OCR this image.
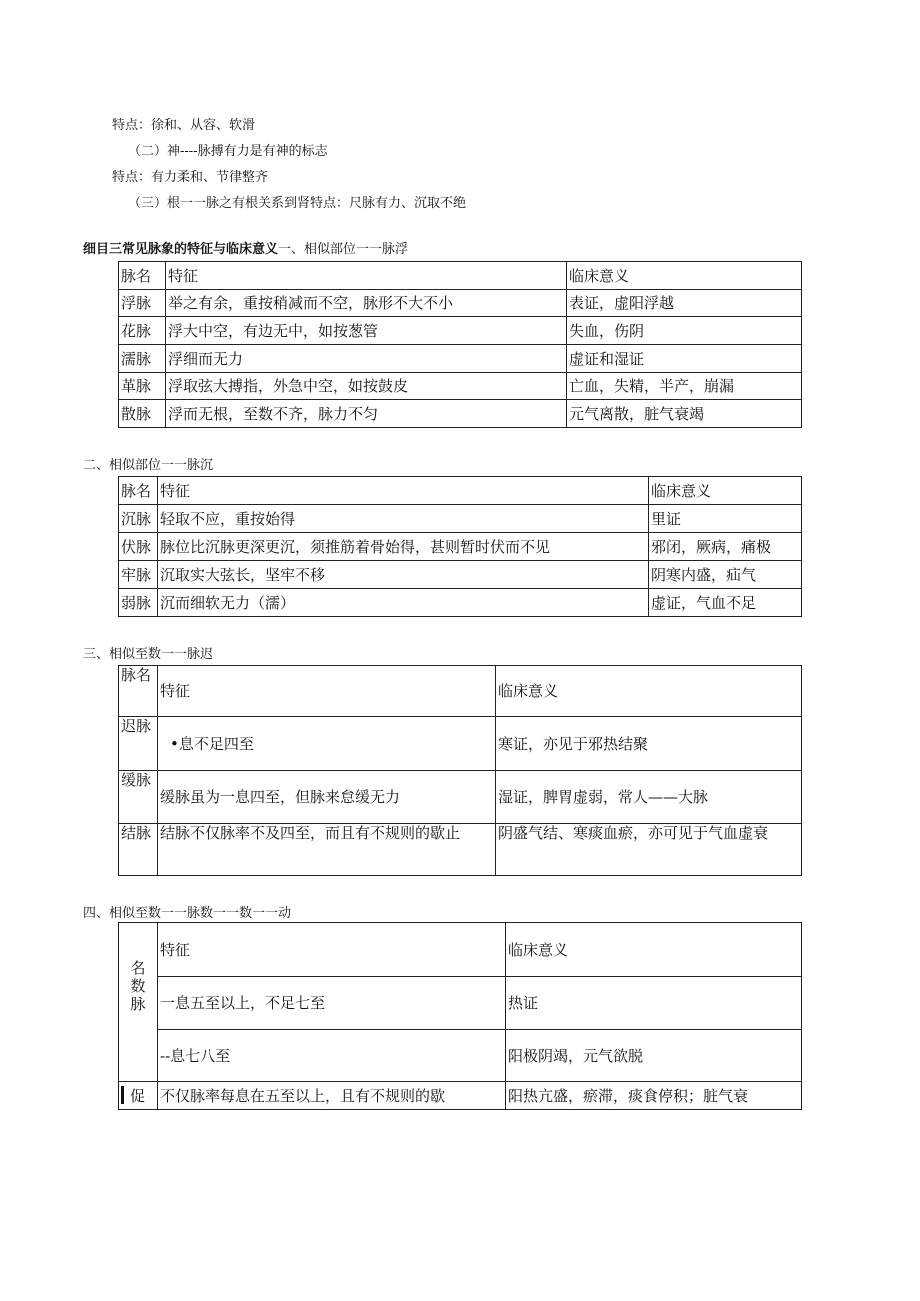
特点：徐和、从容、软滑
（二）神----脉搏有力是有神的标志
特点：有力柔和、节律整齐
（三）根一一脉之有根关系到肾特点：尺脉有力、沉取不绝
细目三常见脉象的特征与临床意义一、相似部位一一脉浮
脉名	特征	临床意义
浮脉	举之有余，重按稍减而不空，脉形不大不小	表证，虚阳浮越
花脉	浮大中空，有边无中，如按葱管	失血，伤阴
濡脉	浮细而无力	虚证和湿证
革脉	浮取弦大搏指，外急中空，如按鼓皮	亡血，失精，半产，崩漏
散脉	浮而无根，至数不齐，脉力不匀	元气离散，脏气衰竭
二、相似部位一一脉沉
脉名	特征	临床意义
沉脉	轻取不应，重按始得	里证
伏脉	脉位比沉脉更深更沉，须推筋着骨始得，甚则暂时伏而不见	邪闭，厥病，痛极
牢脉	沉取实大弦长，坚牢不移	阴寒内盛，疝气
弱脉	沉而细软无力（濡）	虚证，气血不足
三、相似至数一一脉迟
脉名	特征	临床意义
迟脉	•息不足四至	寒证，亦见于邪热结聚
缓脉	缓脉虽为一息四至，但脉来怠缓无力	湿证，脾胃虚弱，常人——大脉
结脉	结脉不仅脉率不及四至，而且有不规则的歇止	阴盛气结、寒痰血瘀，亦可见于气血虚衰
四、相似至数一一脉数一一数一一动
名	特征	临床意义
数脉	一息五至以上，不足七至	热证
	--息七八至	阳极阴竭，元气欲脱
促	不仅脉率每息在五至以上，且有不规则的歇	阳热亢盛，瘀滞，痰食停积；脏气衰
